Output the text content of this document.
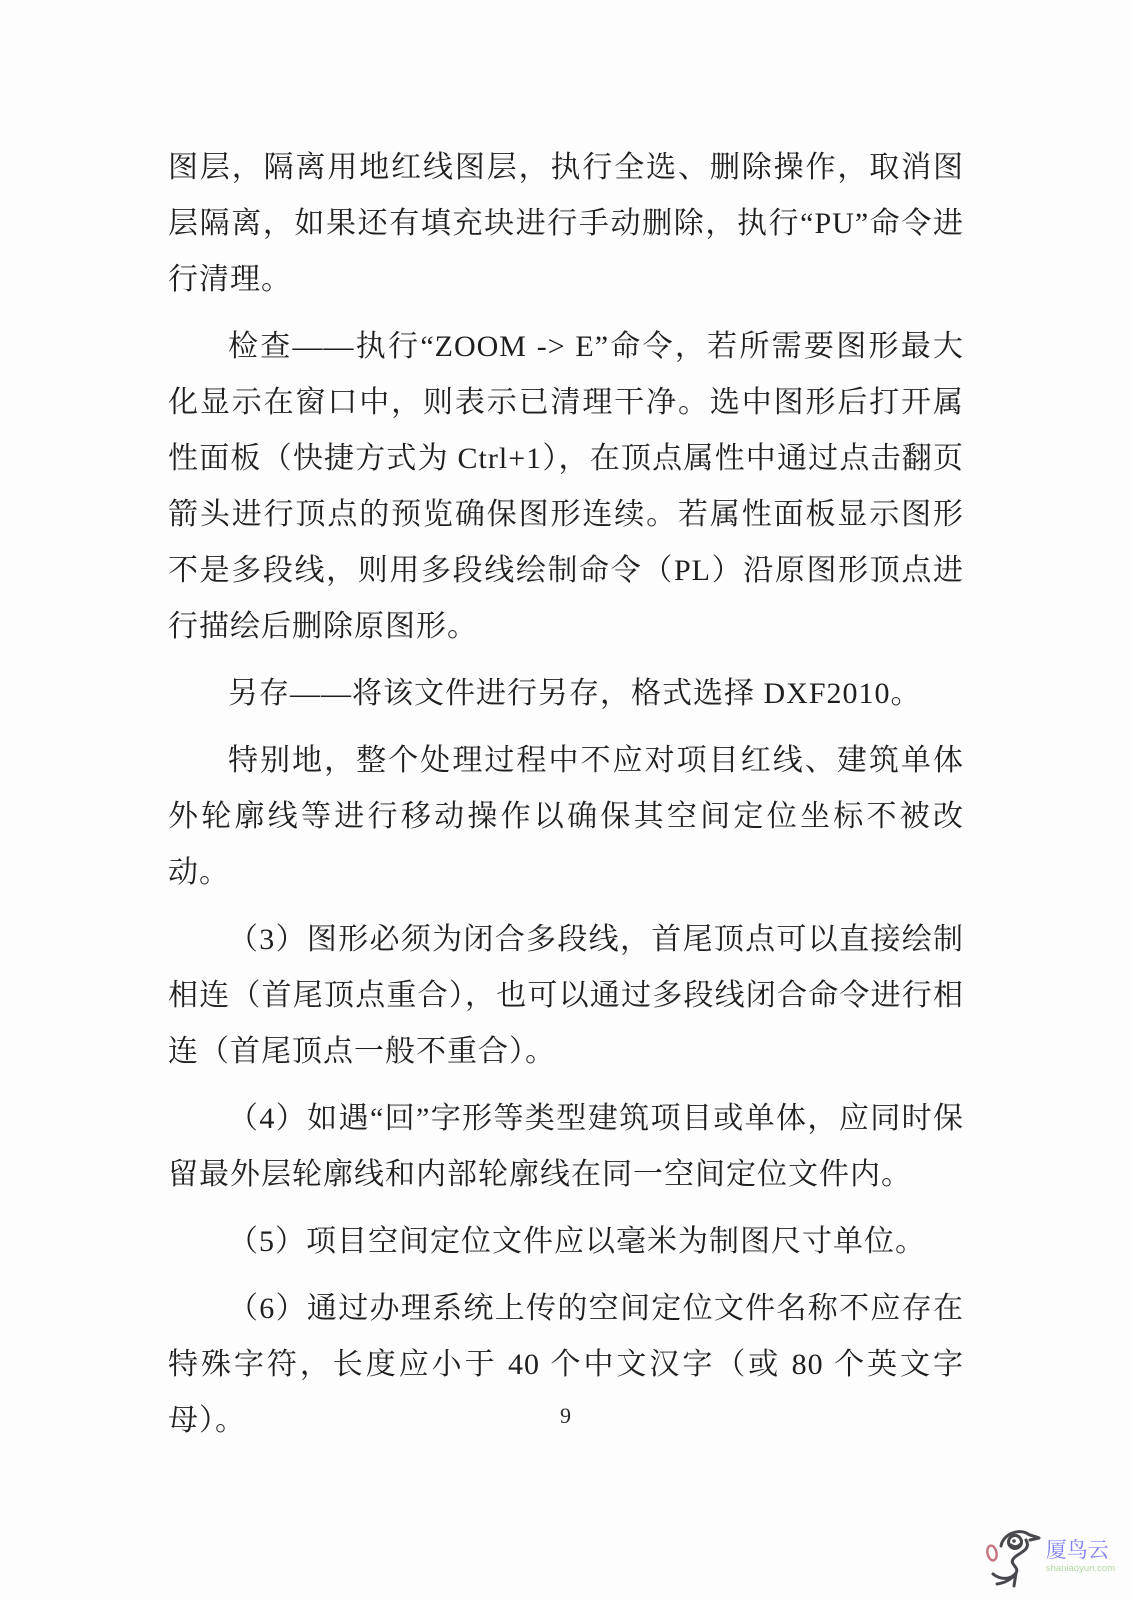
图层，隔离用地红线图层，执行全选、删除操作，取消图层隔离，如果还有填充块进行手动删除，执行“PU”命令进行清理。

检查——执行“ZOOM -> E”命令，若所需要图形最大化显示在窗口中，则表示已清理干净。选中图形后打开属性面板（快捷方式为 Ctrl+1），在顶点属性中通过点击翻页箭头进行顶点的预览确保图形连续。若属性面板显示图形不是多段线，则用多段线绘制命令（PL）沿原图形顶点进行描绘后删除原图形。

另存——将该文件进行另存，格式选择 DXF2010。

特别地，整个处理过程中不应对项目红线、建筑单体外轮廓线等进行移动操作以确保其空间定位坐标不被改动。

（3）图形必须为闭合多段线，首尾顶点可以直接绘制相连（首尾顶点重合），也可以通过多段线闭合命令进行相连（首尾顶点一般不重合）。

（4）如遇“回”字形等类型建筑项目或单体，应同时保留最外层轮廓线和内部轮廓线在同一空间定位文件内。

（5）项目空间定位文件应以毫米为制图尺寸单位。

（6）通过办理系统上传的空间定位文件名称不应存在特殊字符，长度应小于 40 个中文汉字（或 80 个英文字母）。	9
厦鸟云
shaniaoyun.com
